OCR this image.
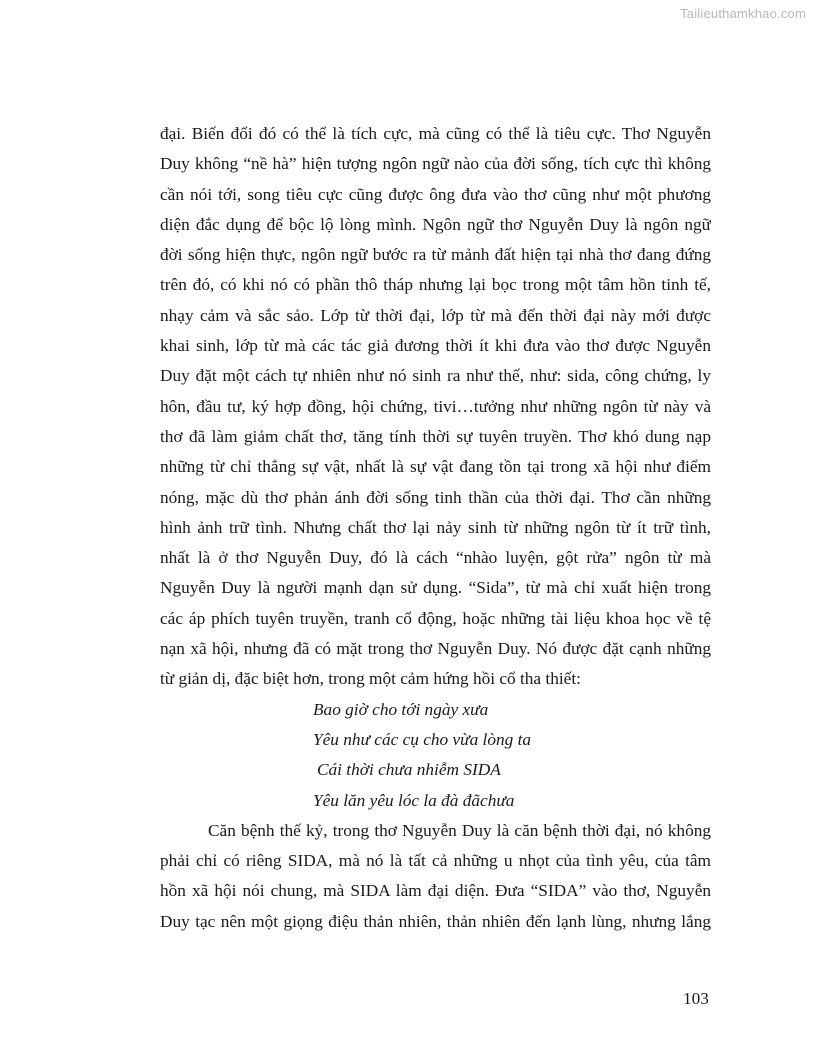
Tailieuthamkhao.com
đại. Biến đổi đó có thể là tích cực, mà cũng có thể là tiêu cực. Thơ Nguyễn
Duy không “nề hà” hiện tượng ngôn ngữ nào của đời sống, tích cực thì không
cần nói tới, song tiêu cực cũng được ông đưa vào thơ cũng như một phương
diện đắc dụng để bộc lộ lòng mình. Ngôn ngữ thơ Nguyễn Duy là ngôn ngữ
đời sống hiện thực, ngôn ngữ bước ra từ mảnh đất hiện tại nhà thơ đang đứng
trên đó, có khi nó có phần thô tháp nhưng lại bọc trong một tâm hồn tinh tế,
nhạy cảm và sắc sảo. Lớp từ thời đại, lớp từ mà đến thời đại này mới được
khai sinh, lớp từ mà các tác giả đương thời ít khi đưa vào thơ được Nguyễn
Duy đặt một cách tự nhiên như nó sinh ra như thế, như: sida, công chứng, ly
hôn, đầu tư, ký hợp đồng, hội chứng, tivi…tưởng như những ngôn từ này và
thơ đã làm giảm chất thơ, tăng tính thời sự tuyên truyền. Thơ khó dung nạp
những từ chỉ thẳng sự vật, nhất là sự vật đang tồn tại trong xã hội như điểm
nóng, mặc dù thơ phản ánh đời sống tinh thần của thời đại. Thơ cần những
hình ảnh trữ tình. Nhưng chất thơ lại nảy sinh từ những ngôn từ ít trữ tình,
nhất là ở thơ Nguyễn Duy, đó là cách “nhào luyện, gột rửa” ngôn từ mà
Nguyễn Duy là người mạnh dạn sử dụng. “Sida”, từ mà chỉ xuất hiện trong
các áp phích tuyên truyền, tranh cổ động, hoặc những tài liệu khoa học về tệ
nạn xã hội, nhưng đã có mặt trong thơ Nguyễn Duy. Nó được đặt cạnh những
từ giản dị, đặc biệt hơn, trong một cảm hứng hồi cổ tha thiết:
Bao giờ cho tới ngày xưa
Yêu như các cụ cho vừa lòng ta
Cái thời chưa nhiễm SIDA
Yêu lăn yêu lóc la đà đãchưa
Căn bệnh thế kỷ, trong thơ Nguyễn Duy là căn bệnh thời đại, nó không
phải chỉ có riêng SIDA, mà nó là tất cả những u nhọt của tình yêu, của tâm
hồn xã hội nói chung, mà SIDA làm đại diện. Đưa “SIDA” vào thơ, Nguyễn
Duy tạc nên một giọng điệu thản nhiên, thản nhiên đến lạnh lùng, nhưng lắng
103
